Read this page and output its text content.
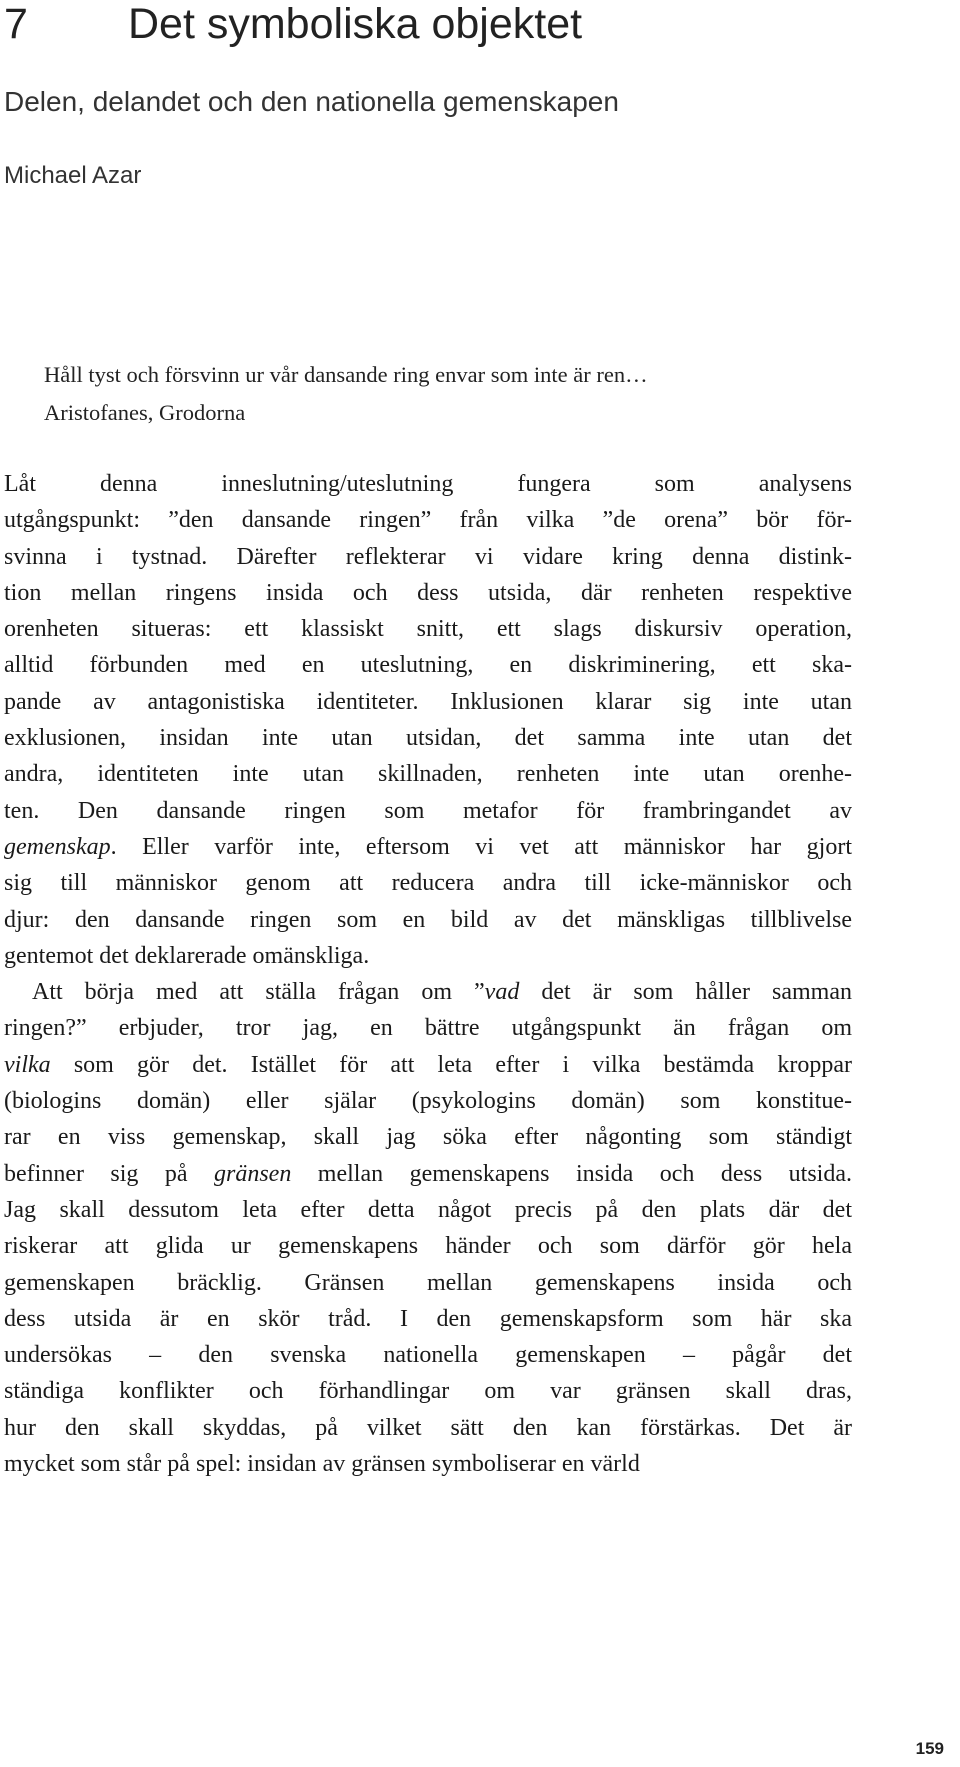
7 Det symboliska objektet
Delen, delandet och den nationella gemenskapen
Michael Azar
Håll tyst och försvinn ur vår dansande ring envar som inte är ren…
Aristofanes, Grodorna
Låt denna inneslutning/uteslutning fungera som analysens
utgångspunkt: ”den dansande ringen” från vilka ”de orena” bör för-
svinna i tystnad. Därefter reflekterar vi vidare kring denna distink-
tion mellan ringens insida och dess utsida, där renheten respektive
orenheten situeras: ett klassiskt snitt, ett slags diskursiv operation,
alltid förbunden med en uteslutning, en diskriminering, ett ska-
pande av antagonistiska identiteter. Inklusionen klarar sig inte utan
exklusionen, insidan inte utan utsidan, det samma inte utan det
andra, identiteten inte utan skillnaden, renheten inte utan orenhe-
ten. Den dansande ringen som metafor för frambringandet av
gemenskap. Eller varför inte, eftersom vi vet att människor har gjort
sig till människor genom att reducera andra till icke-människor och
djur: den dansande ringen som en bild av det mänskligas tillblivelse
gentemot det deklarerade omänskliga.
Att börja med att ställa frågan om ”vad det är som håller samman
ringen?” erbjuder, tror jag, en bättre utgångspunkt än frågan om
vilka som gör det. Istället för att leta efter i vilka bestämda kroppar
(biologins domän) eller själar (psykologins domän) som konstitue-
rar en viss gemenskap, skall jag söka efter någonting som ständigt
befinner sig på gränsen mellan gemenskapens insida och dess utsida.
Jag skall dessutom leta efter detta något precis på den plats där det
riskerar att glida ur gemenskapens händer och som därför gör hela
gemenskapen bräcklig. Gränsen mellan gemenskapens insida och
dess utsida är en skör tråd. I den gemenskapsform som här ska
undersökas – den svenska nationella gemenskapen – pågår det
ständiga konflikter och förhandlingar om var gränsen skall dras,
hur den skall skyddas, på vilket sätt den kan förstärkas. Det är
mycket som står på spel: insidan av gränsen symboliserar en värld
159
